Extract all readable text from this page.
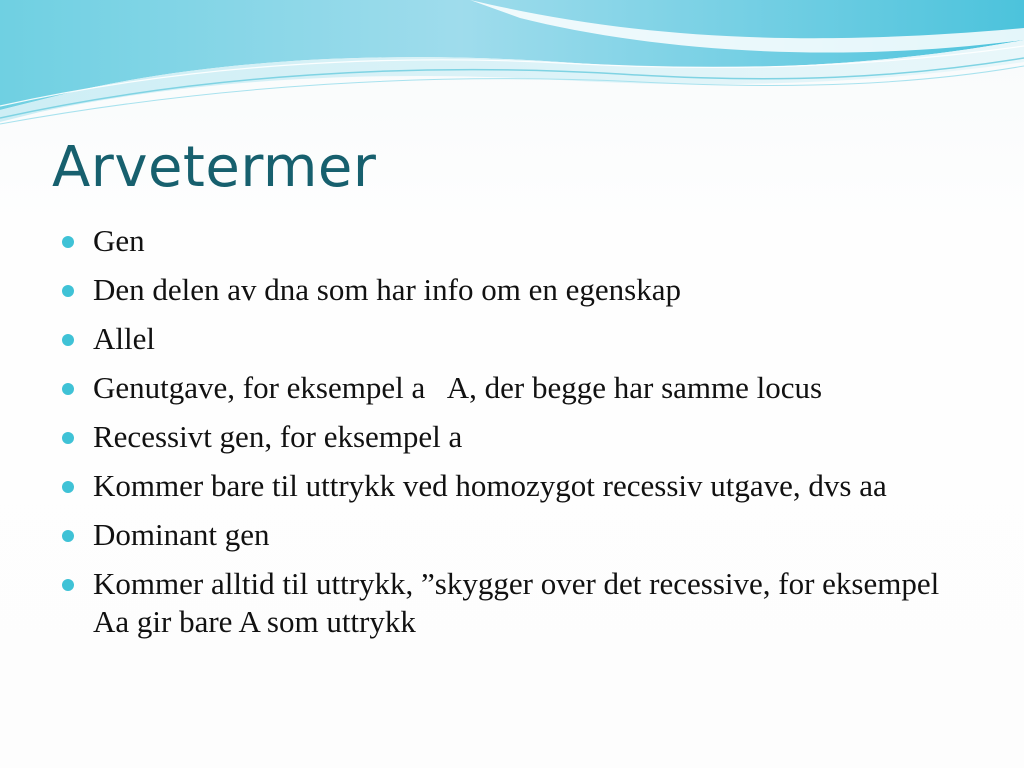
Arvetermer
Gen
Den delen av dna som har info om en egenskap
Allel
Genutgave, for eksempel a   A, der begge har samme locus
Recessivt gen, for eksempel a
Kommer bare til uttrykk ved homozygot recessiv utgave, dvs aa
Dominant gen
Kommer alltid til uttrykk, ”skygger over det recessive, for eksempel Aa gir bare A som uttrykk
